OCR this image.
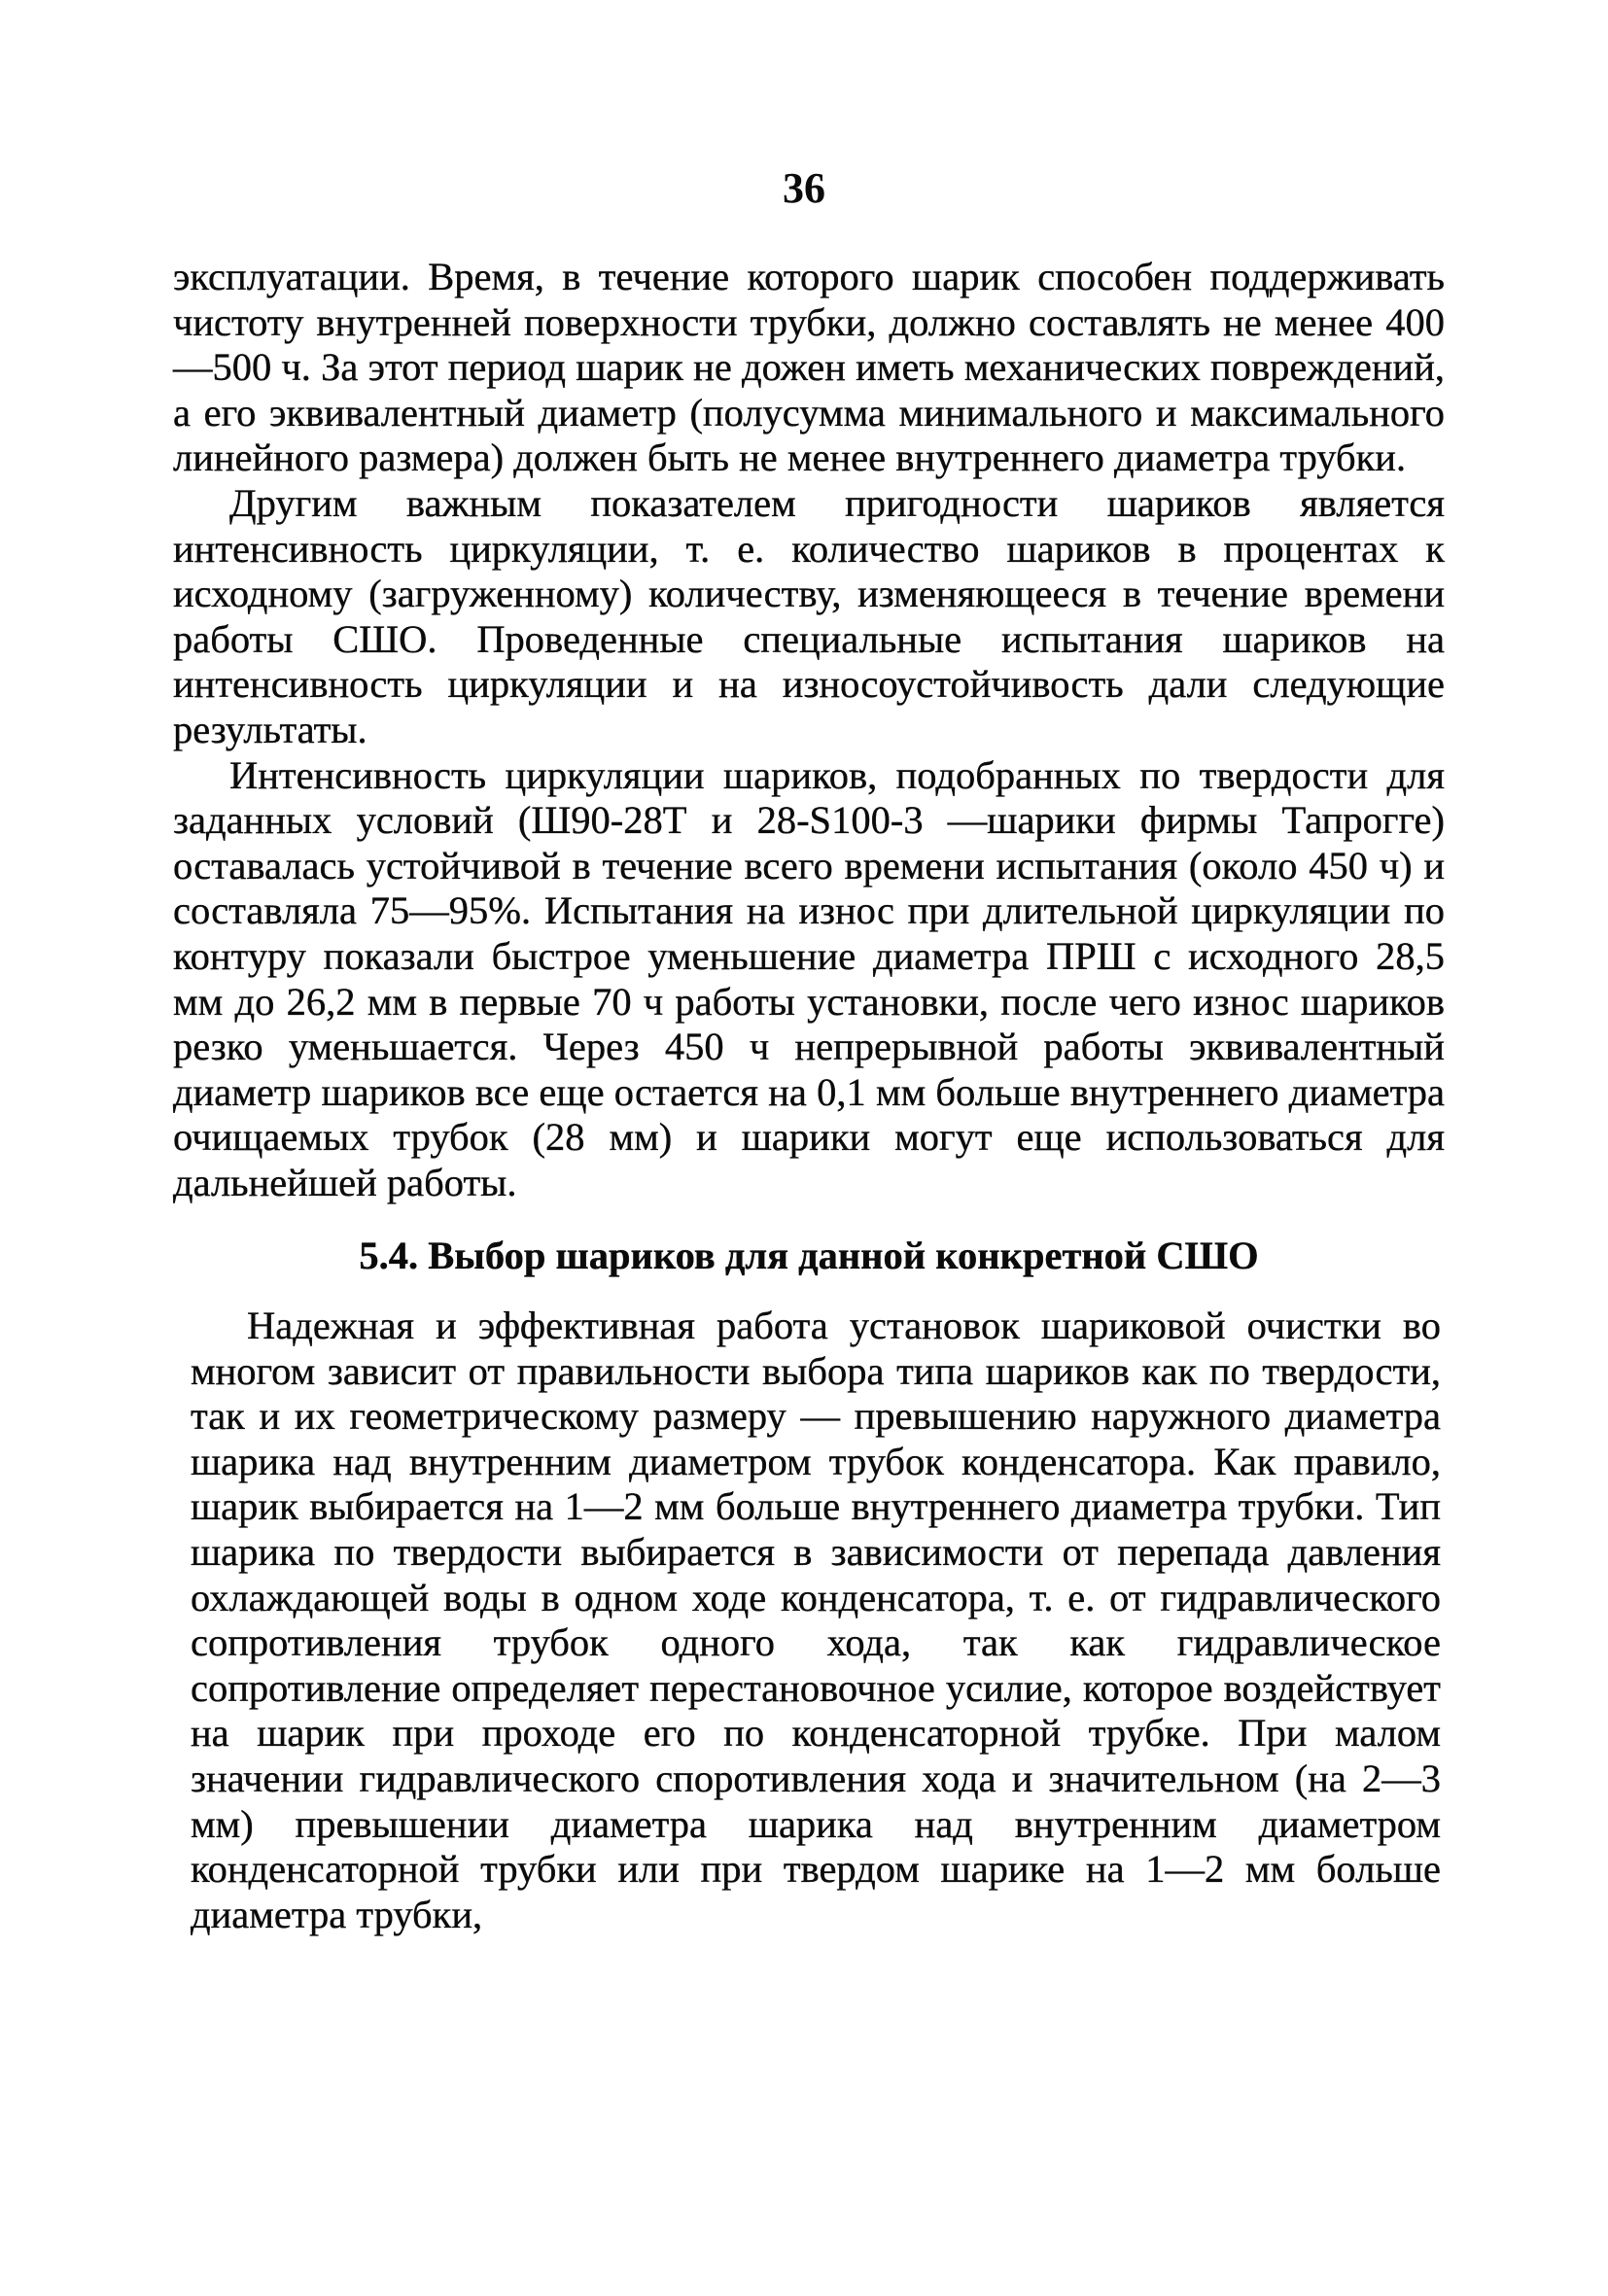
36

эксплуатации. Время, в течение которого шарик способен поддерживать чистоту внутренней поверхности трубки, должно составлять не менее 400—500 ч. За этот период шарик не дожен иметь механических повреждений, а его эквивалентный диаметр (полусумма минимального и максимального линейного размера) должен быть не менее внутреннего диаметра трубки.

Другим важным показателем пригодности шариков является интенсивность циркуляции, т. е. количество шариков в процентах к исходному (загруженному) количеству, изменяющееся в течение времени работы СШО. Проведенные специальные испытания шариков на интенсивность циркуляции и на износоустойчивость дали следующие результаты.

Интенсивность циркуляции шариков, подобранных по твердости для заданных условий (Ш90-28Т и 28-S100-3 —шарики фирмы Тапрогге) оставалась устойчивой в течение всего времени испытания (около 450 ч) и составляла 75—95%. Испытания на износ при длительной циркуляции по контуру показали быстрое уменьшение диаметра ПРШ с исходного 28,5 мм до 26,2 мм в первые 70 ч работы установки, после чего износ шариков резко уменьшается. Через 450 ч непрерывной работы эквивалентный диаметр шариков все еще остается на 0,1 мм больше внутреннего диаметра очищаемых трубок (28 мм) и шарики могут еще использоваться для дальнейшей работы.

5.4. Выбор шариков для данной конкретной СШО

Надежная и эффективная работа установок шариковой очистки во многом зависит от правильности выбора типа шариков как по твердости, так и их геометрическому размеру — превышению наружного диаметра шарика над внутренним диаметром трубок конденсатора. Как правило, шарик выбирается на 1—2 мм больше внутреннего диаметра трубки. Тип шарика по твердости выбирается в зависимости от перепада давления охлаждающей воды в одном ходе конденсатора, т. е. от гидравлического сопротивления трубок одного хода, так как гидравлическое сопротивление определяет перестановочное усилие, которое воздействует на шарик при проходе его по конденсаторной трубке. При малом значении гидравлического споротивления хода и значительном (на 2—3 мм) превышении диаметра шарика над внутренним диаметром конденсаторной трубки или при твердом шарике на 1—2 мм больше диаметра трубки,
